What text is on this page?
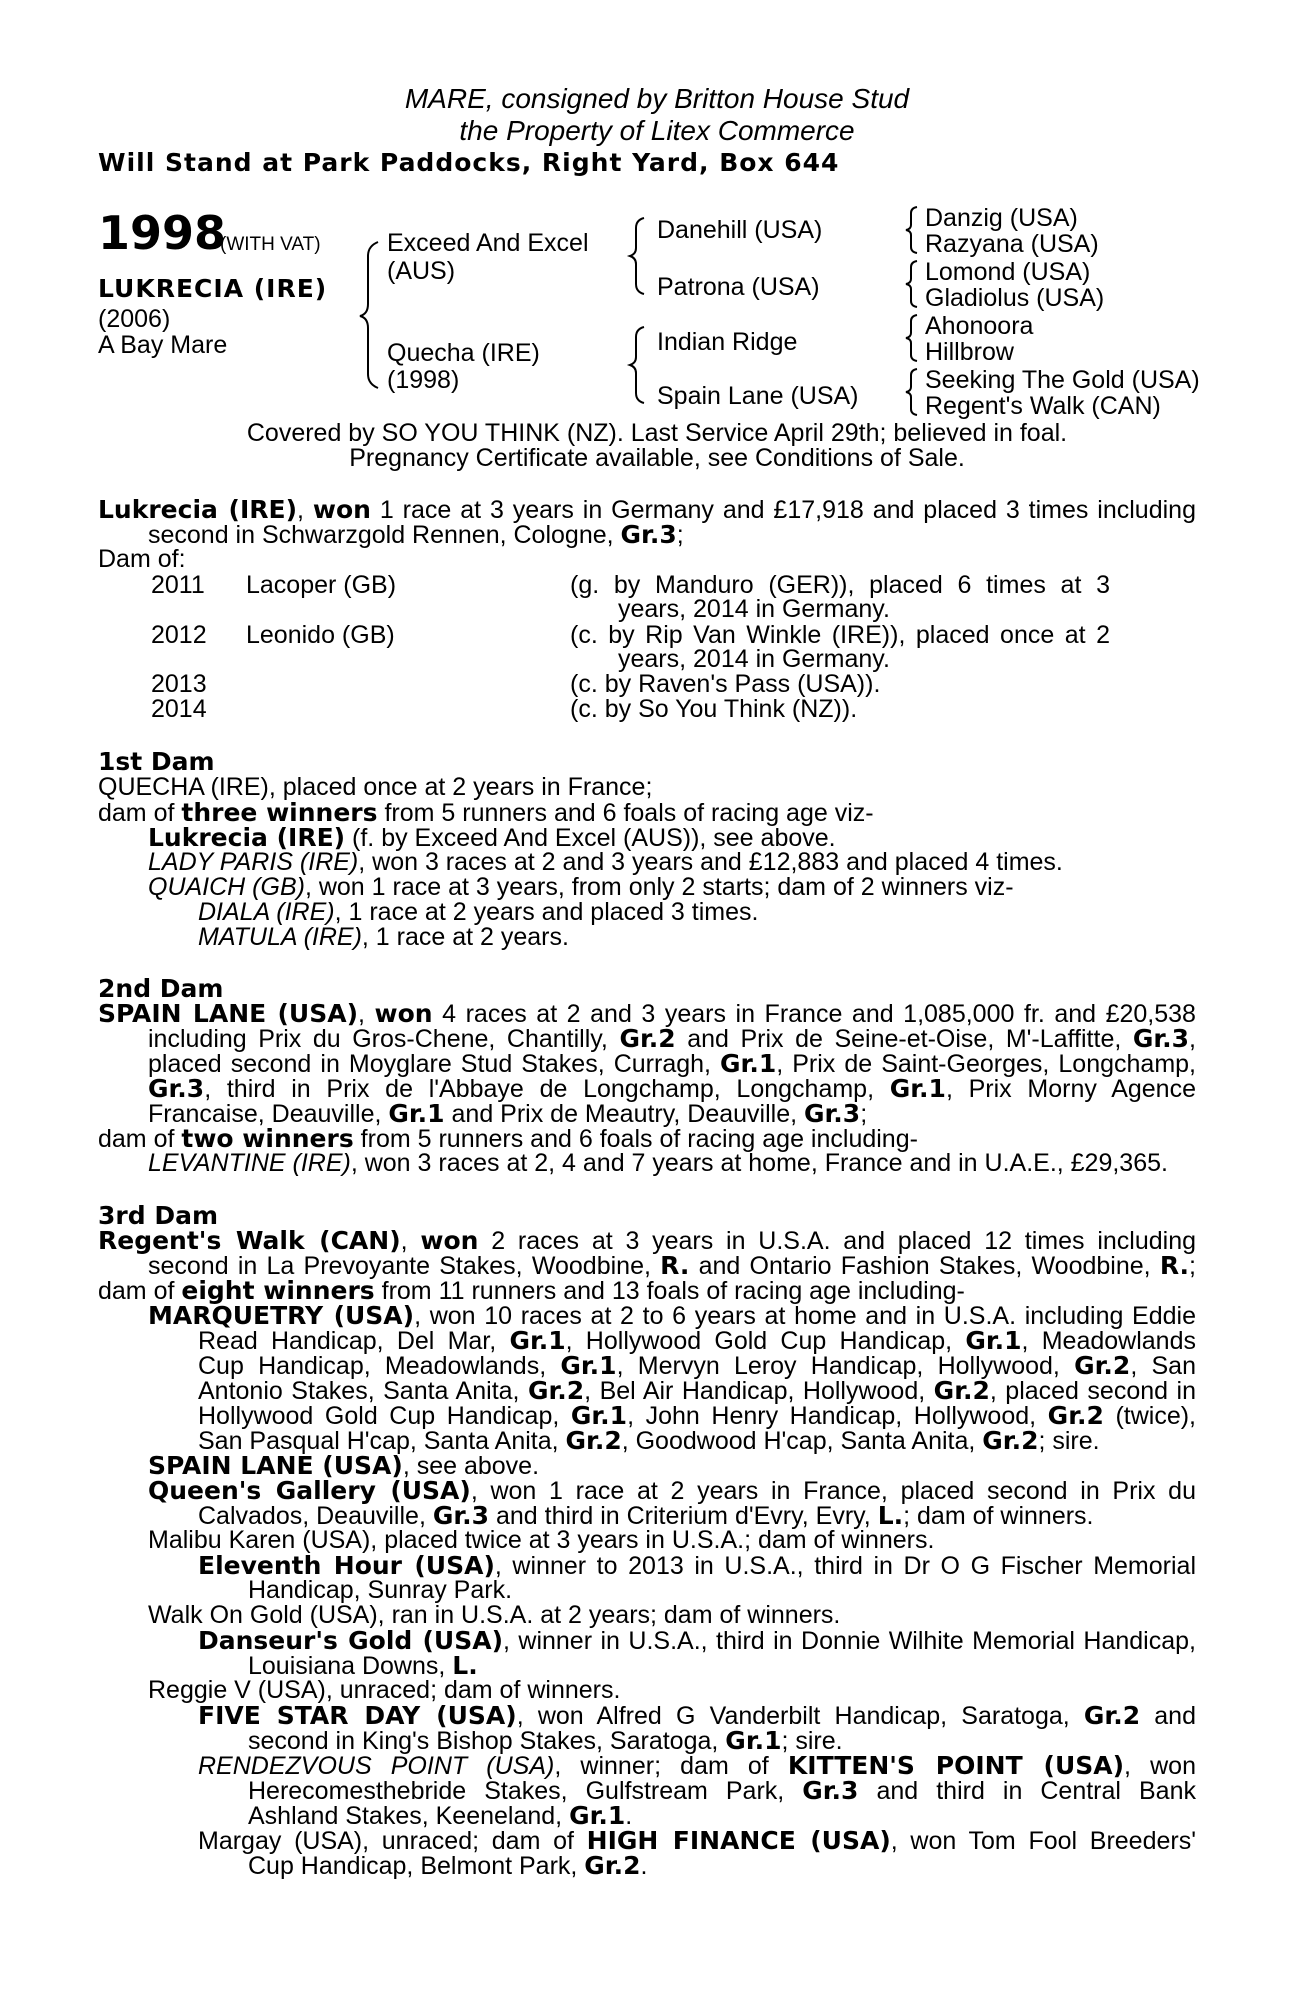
MARE, consigned by Britton House Stud
the Property of Litex Commerce
Will Stand at Park Paddocks, Right Yard, Box 644
1998
(WITH VAT)
LUKRECIA (IRE)
(2006)
A Bay Mare
Exceed And Excel
(AUS)
Quecha (IRE)
(1998)
Danehill (USA)
Patrona (USA)
Indian Ridge
Spain Lane (USA)
Danzig (USA)
Razyana (USA)
Lomond (USA)
Gladiolus (USA)
Ahonoora
Hillbrow
Seeking The Gold (USA)
Regent's Walk (CAN)
Covered by SO YOU THINK (NZ). Last Service April 29th; believed in foal.
Pregnancy Certificate available, see Conditions of Sale.
Lukrecia (IRE), won 1 race at 3 years in Germany and £17,918 and placed 3 times including
second in Schwarzgold Rennen, Cologne, Gr.3;
Dam of:
2011 Lacoper (GB)	(g. by Manduro (GER)), placed 6 times at 3
years, 2014 in Germany.
2012 Leonido (GB)	(c. by Rip Van Winkle (IRE)), placed once at 2
years, 2014 in Germany.
2013	(c. by Raven's Pass (USA)).
2014	(c. by So You Think (NZ)).
1st Dam
QUECHA (IRE), placed once at 2 years in France;
dam of three winners from 5 runners and 6 foals of racing age viz-
Lukrecia (IRE) (f. by Exceed And Excel (AUS)), see above.
LADY PARIS (IRE), won 3 races at 2 and 3 years and £12,883 and placed 4 times.
QUAICH (GB), won 1 race at 3 years, from only 2 starts; dam of 2 winners viz-
DIALA (IRE), 1 race at 2 years and placed 3 times.
MATULA (IRE), 1 race at 2 years.
2nd Dam
SPAIN LANE (USA), won 4 races at 2 and 3 years in France and 1,085,000 fr. and £20,538
including Prix du Gros-Chene, Chantilly, Gr.2 and Prix de Seine-et-Oise, M'-Laffitte, Gr.3,
placed second in Moyglare Stud Stakes, Curragh, Gr.1, Prix de Saint-Georges, Longchamp,
Gr.3, third in Prix de l'Abbaye de Longchamp, Longchamp, Gr.1, Prix Morny Agence
Francaise, Deauville, Gr.1 and Prix de Meautry, Deauville, Gr.3;
dam of two winners from 5 runners and 6 foals of racing age including-
LEVANTINE (IRE), won 3 races at 2, 4 and 7 years at home, France and in U.A.E., £29,365.
3rd Dam
Regent's Walk (CAN), won 2 races at 3 years in U.S.A. and placed 12 times including
second in La Prevoyante Stakes, Woodbine, R. and Ontario Fashion Stakes, Woodbine, R.;
dam of eight winners from 11 runners and 13 foals of racing age including-
MARQUETRY (USA), won 10 races at 2 to 6 years at home and in U.S.A. including Eddie
Read Handicap, Del Mar, Gr.1, Hollywood Gold Cup Handicap, Gr.1, Meadowlands
Cup Handicap, Meadowlands, Gr.1, Mervyn Leroy Handicap, Hollywood, Gr.2, San
Antonio Stakes, Santa Anita, Gr.2, Bel Air Handicap, Hollywood, Gr.2, placed second in
Hollywood Gold Cup Handicap, Gr.1, John Henry Handicap, Hollywood, Gr.2 (twice),
San Pasqual H'cap, Santa Anita, Gr.2, Goodwood H'cap, Santa Anita, Gr.2; sire.
SPAIN LANE (USA), see above.
Queen's Gallery (USA), won 1 race at 2 years in France, placed second in Prix du
Calvados, Deauville, Gr.3 and third in Criterium d'Evry, Evry, L.; dam of winners.
Malibu Karen (USA), placed twice at 3 years in U.S.A.; dam of winners.
Eleventh Hour (USA), winner to 2013 in U.S.A., third in Dr O G Fischer Memorial
Handicap, Sunray Park.
Walk On Gold (USA), ran in U.S.A. at 2 years; dam of winners.
Danseur's Gold (USA), winner in U.S.A., third in Donnie Wilhite Memorial Handicap,
Louisiana Downs, L.
Reggie V (USA), unraced; dam of winners.
FIVE STAR DAY (USA), won Alfred G Vanderbilt Handicap, Saratoga, Gr.2 and
second in King's Bishop Stakes, Saratoga, Gr.1; sire.
RENDEZVOUS POINT (USA), winner; dam of KITTEN'S POINT (USA), won
Herecomesthebride Stakes, Gulfstream Park, Gr.3 and third in Central Bank
Ashland Stakes, Keeneland, Gr.1.
Margay (USA), unraced; dam of HIGH FINANCE (USA), won Tom Fool Breeders'
Cup Handicap, Belmont Park, Gr.2.
